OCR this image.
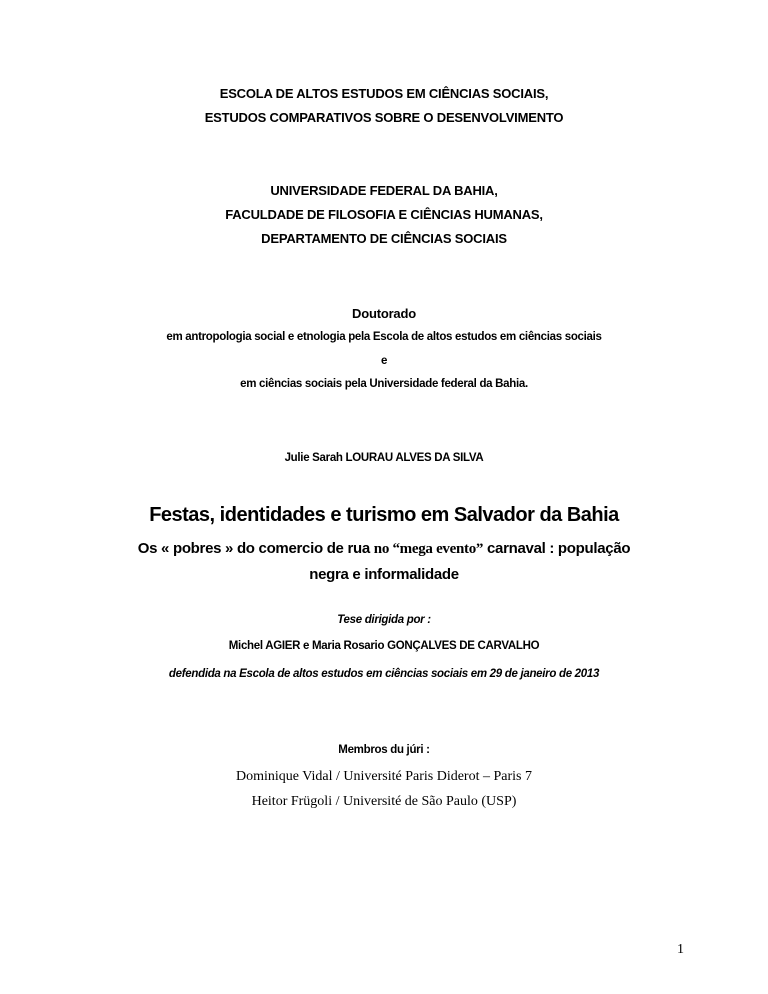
ESCOLA DE ALTOS ESTUDOS EM CIÊNCIAS SOCIAIS,
ESTUDOS COMPARATIVOS SOBRE O DESENVOLVIMENTO
UNIVERSIDADE FEDERAL DA BAHIA,
FACULDADE DE FILOSOFIA E CIÊNCIAS HUMANAS,
DEPARTAMENTO DE CIÊNCIAS SOCIAIS
Doutorado
em antropologia social e etnologia pela Escola de altos estudos em ciências sociais
e
em ciências sociais pela Universidade federal da Bahia.
Julie Sarah LOURAU ALVES DA SILVA
Festas, identidades e turismo em Salvador da Bahia
Os « pobres » do comercio de rua no “mega evento” carnaval : população
negra e informalidade
Tese dirigida por :
Michel AGIER e Maria Rosario GONÇALVES DE CARVALHO
defendida na Escola de altos estudos em ciências sociais em 29 de janeiro de 2013
Membros du júri :
Dominique Vidal / Université Paris Diderot – Paris 7
Heitor Frügoli / Université de São Paulo (USP)
1
